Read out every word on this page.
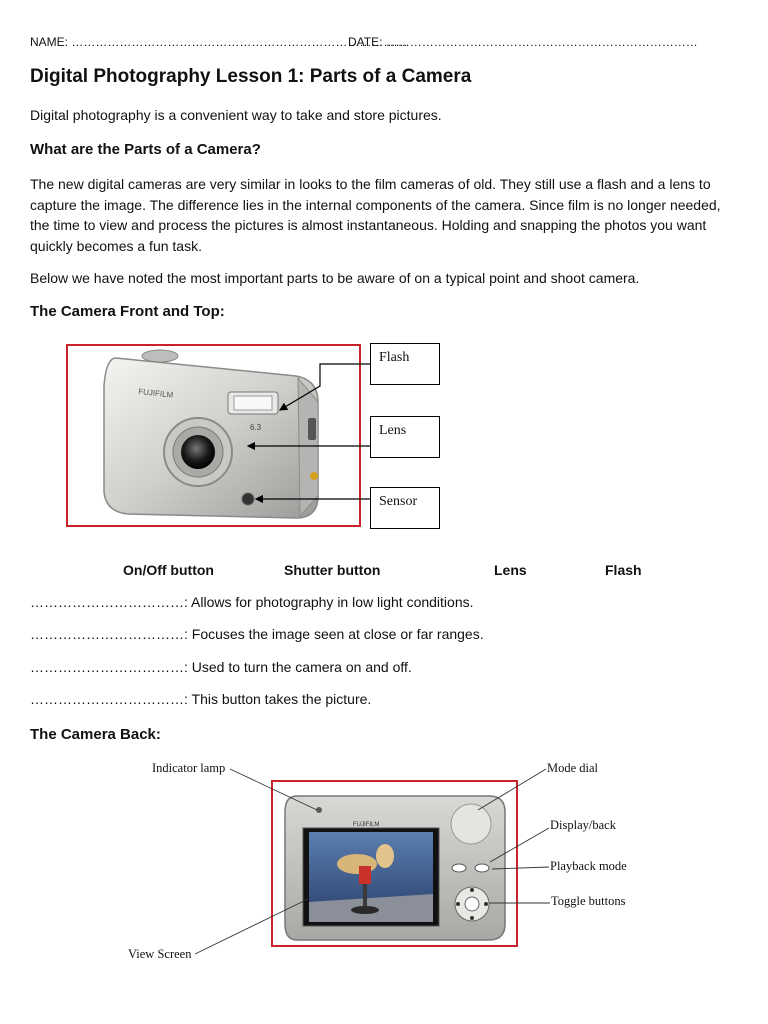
NAME: …………………………………………………………………………
DATE: ……………………………………………………………………
Digital Photography Lesson 1: Parts of a Camera

Digital photography is a convenient way to take and store pictures.

What are the Parts of a Camera?

The new digital cameras are very similar in looks to the film cameras of old. They still use a flash and a lens to capture the image. The difference lies in the internal components of the camera. Since film is no longer needed, the time to view and process the pictures is almost instantaneous. Holding and snapping the photos you want quickly becomes a fun task.

Below we have noted the most important parts to be aware of on a typical point and shoot camera.

The Camera Front and Top:
FUJIFILM
6.3
Flash
Lens
Sensor
On/Off button	Shutter button	Lens	Flash
……………………………: Allows for photography in low light conditions.
……………………………: Focuses the image seen at close or far ranges.
……………………………: Used to turn the camera on and off.
……………………………: This button takes the picture.
The Camera Back:
FUJIFILM
Indicator lamp	Mode dial
Display/back
Playback mode
Toggle buttons
View Screen
